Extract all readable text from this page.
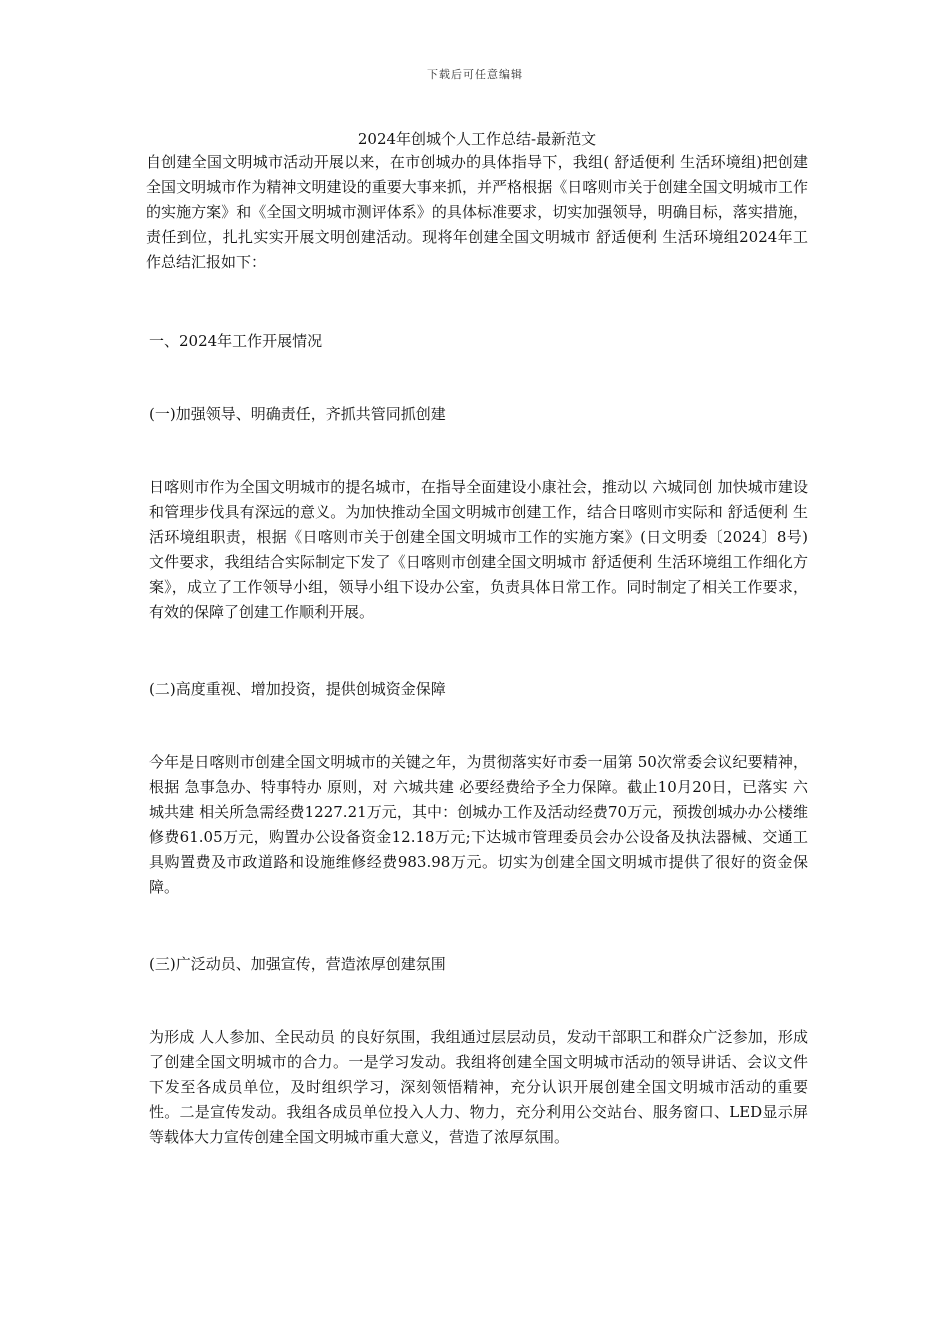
下载后可任意编辑
2024年创城个人工作总结-最新范文

自创建全国文明城市活动开展以来，在市创城办的具体指导下，我组( 舒适便利 生活环境组)把创建全国文明城市作为精神文明建设的重要大事来抓，并严格根据《日喀则市关于创建全国文明城市工作的实施方案》和《全国文明城市测评体系》的具体标准要求，切实加强领导，明确目标，落实措施，责任到位，扎扎实实开展文明创建活动。现将年创建全国文明城市 舒适便利 生活环境组2024年工作总结汇报如下：

一、2024年工作开展情况

(一)加强领导、明确责任，齐抓共管同抓创建

日喀则市作为全国文明城市的提名城市，在指导全面建设小康社会，推动以 六城同创 加快城市建设和管理步伐具有深远的意义。为加快推动全国文明城市创建工作，结合日喀则市实际和 舒适便利 生活环境组职责，根据《日喀则市关于创建全国文明城市工作的实施方案》(日文明委〔2024〕8号)文件要求，我组结合实际制定下发了《日喀则市创建全国文明城市 舒适便利 生活环境组工作细化方案》，成立了工作领导小组，领导小组下设办公室，负责具体日常工作。同时制定了相关工作要求，有效的保障了创建工作顺利开展。

(二)高度重视、增加投资，提供创城资金保障

今年是日喀则市创建全国文明城市的关键之年，为贯彻落实好市委一届第 50次常委会议纪要精神，根据 急事急办、特事特办 原则，对 六城共建 必要经费给予全力保障。截止10月20日，已落实 六城共建 相关所急需经费1227.21万元，其中：创城办工作及活动经费70万元，预拨创城办办公楼维修费61.05万元，购置办公设备资金12.18万元;下达城市管理委员会办公设备及执法器械、交通工具购置费及市政道路和设施维修经费983.98万元。切实为创建全国文明城市提供了很好的资金保障。

(三)广泛动员、加强宣传，营造浓厚创建氛围

为形成 人人参加、全民动员 的良好氛围，我组通过层层动员，发动干部职工和群众广泛参加，形成了创建全国文明城市的合力。一是学习发动。我组将创建全国文明城市活动的领导讲话、会议文件下发至各成员单位，及时组织学习，深刻领悟精神，充分认识开展创建全国文明城市活动的重要性。二是宣传发动。我组各成员单位投入人力、物力，充分利用公交站台、服务窗口、LED显示屏等载体大力宣传创建全国文明城市重大意义，营造了浓厚氛围。
